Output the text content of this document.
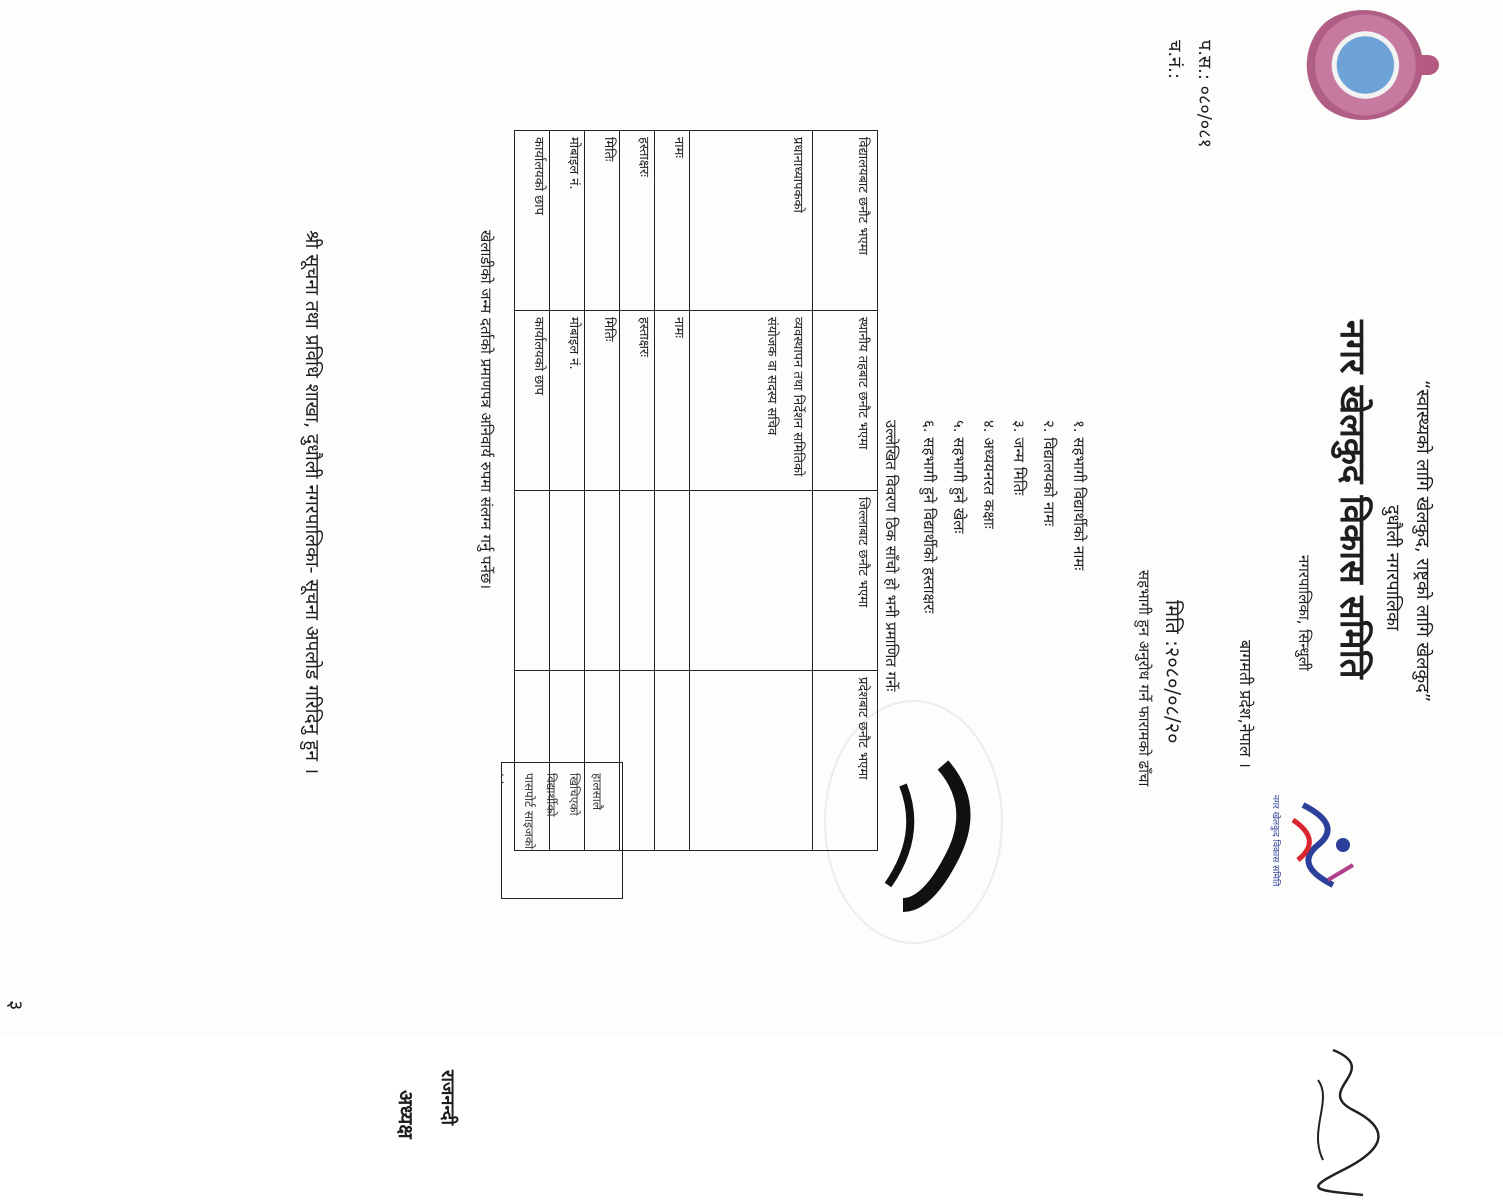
“स्वास्थ्यको लागि खेलकुद, राष्ट्रको लागि खेलकुद”
दुधौली नगरपालिका
नगर खेलकुद विकास समिति
नगरपालिका, सिन्धुली
बागमती प्रदेश,नेपाल ।
नगर खेलकुद विकास समिति
प.स.: ०८०/०८१
च.नं.:
मिति :२०८०/०८/२०
हालसालै
खिचिएको
विद्यार्थीको
पासपोर्ट साइजको
. .	सहभागी हुन अनुरोध गर्ने फारामको ढाँचा
१. सहभागी विद्यार्थीको नामः
२. विद्यालयको नामः
३. जन्म मितिः
४. अध्ययनरत कक्षाः
५. सहभागी हुने खेलः
६. सहभागी हुने विद्यार्थीको हस्ताक्षरः
उल्लेखित विवरण ठिक साँचो हो भनी प्रमाणित गर्नेः
विद्यालयबाट छनौट भएमा	स्थानीय तहबाट छनौट भएमा	जिल्लाबाट छनौट भएमा	प्रदेशबाट छनौट भएमा
प्रधानाध्यापकको	व्यवस्थापन तथा निर्देशन समितिको संयोजक वा सदस्य सचिव		
नामः	नामः		
हस्ताक्षरः	हस्ताक्षरः		
मितिः	मितिः		
मोबाइल नं.	मोबाइल नं.		
कार्यालयको छाप	कार्यालयको छाप		
खेलाडीको जन्म दर्ताको प्रमाणपत्र अनिवार्य रुपमा संलग्न गर्नु पर्नेछ।
अध्यक्ष राजनन्दी
श्री सूचना तथा प्रविधि शाखा, दुधौली नगरपालिका- सूचना अपलोड गरिदिनु हुन ।
३
